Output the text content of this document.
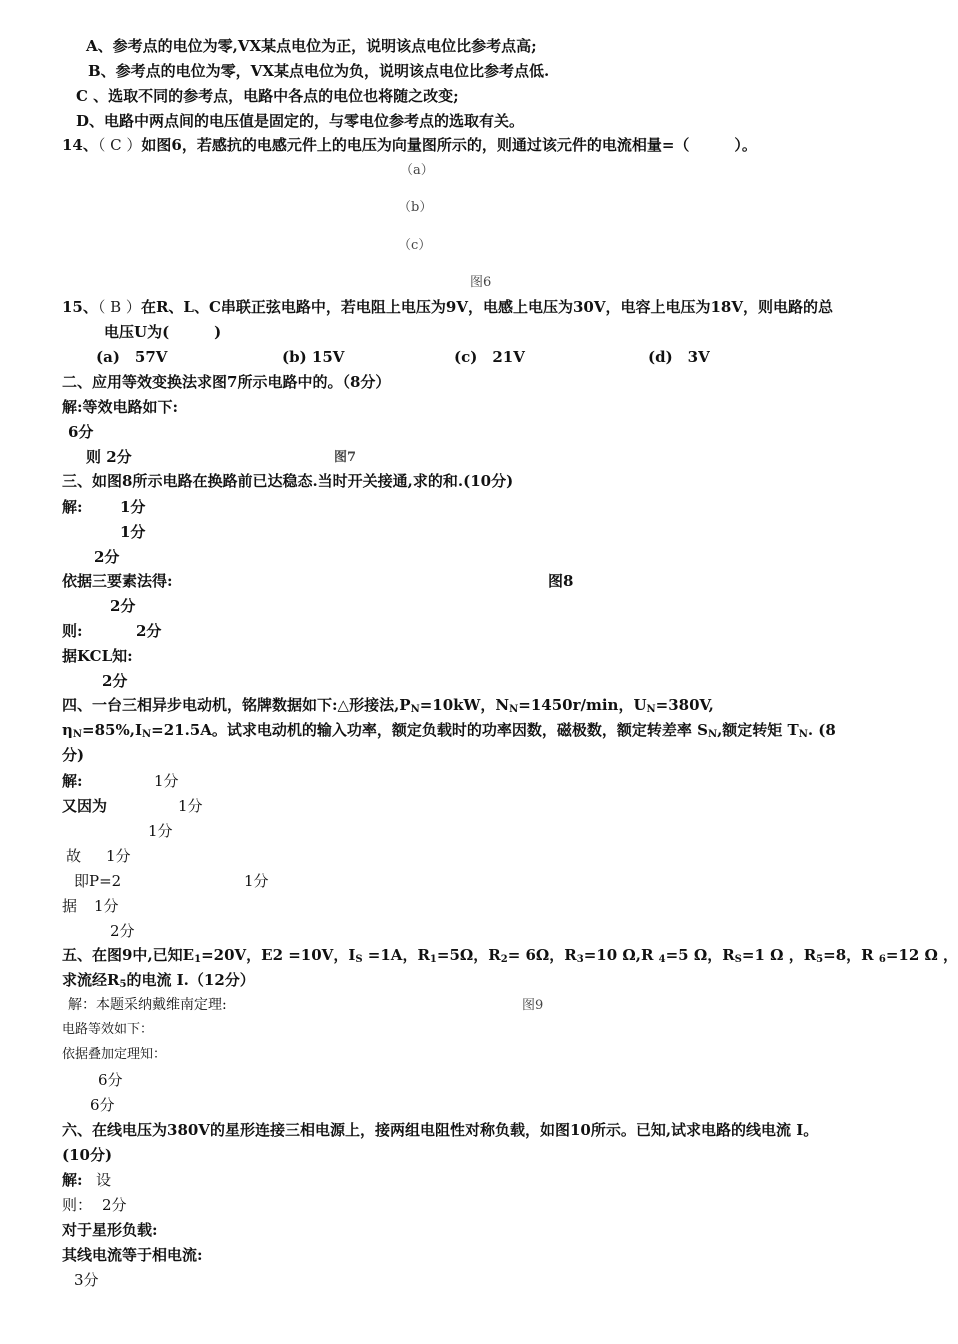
A、参考点的电位为零,VX某点电位为正，说明该点电位比参考点高;
B、参考点的电位为零，VX某点电位为负，说明该点电位比参考点低.
C 、选取不同的参考点，电路中各点的电位也将随之改变;
D、电路中两点间的电压值是固定的，与零电位参考点的选取有关。
14、（ C ）如图6，若感抗的电感元件上的电压为向量图所示的，则通过该元件的电流相量=（　　　）。
（a）
（b）
（c）
图6
15、（ B ）在R、L、C串联正弦电路中，若电阻上电压为9V，电感上电压为30V，电容上电压为18V，则电路的总
电压U为(　　　)
(a)　57V	(b) 15V	(c)　21V	(d)　3V
二、应用等效变换法求图7所示电路中的。（8分）
解:等效电路如下:
6分
则 2分	图7
三、如图8所示电路在换路前已达稳态.当时开关接通,求的和.(10分)
解: 1分
1分
2分
依据三要素法得:	图8
2分
则:	2分
据KCL知:
2分
四、一台三相异步电动机，铭牌数据如下:△形接法$,P_N=10kW$，$N_N=1450r/\min$，$U_N=380V$,
$\eta_N=85\%,I_N=21.5A$。试求电动机的输入功率，额定负载时的功率因数，磁极数，额定转差率 $S_N$,额定转矩 $T_N$. (8
分)
解:	1分
又因为	1分
1分
故 1分
即P=2	1分
据 1分
2分
五、在图9中,已知$E_1=20V$，E2 =10V，$I_S =1A$，$R_1=5\Omega$，$R_2= 6\Omega$，$R_3=10$ Ω,R $_4$=5 Ω，$R_S=1$ Ω ，$R_5=8$，R $_6$=12 Ω ，
求流经$R_5$的电流 I.（12分）
解：本题采纳戴维南定理:	图9
电路等效如下：
依据叠加定理知：
6分
6分
六、在线电压为380V的星形连接三相电源上，接两组电阻性对称负载，如图10所示。已知,试求电路的线电流 I。
(10分)
解: 设
则： 2分
对于星形负载:
其线电流等于相电流:
3分
